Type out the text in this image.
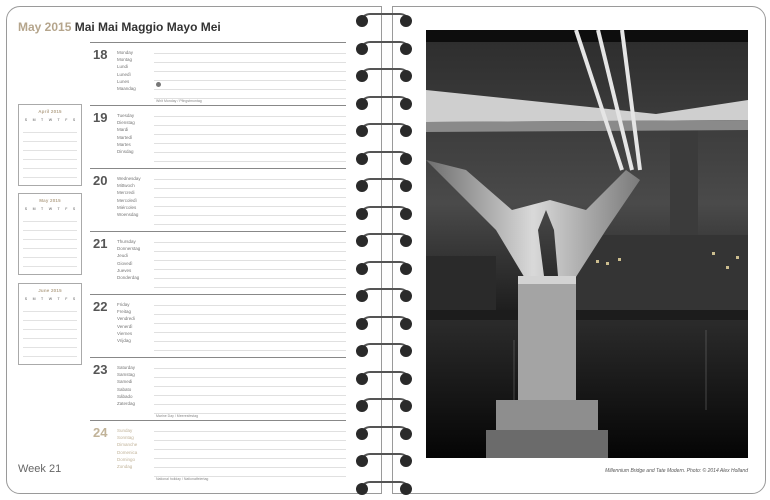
May 2015 Mai Mai Maggio Mayo Mei
April 2015
S M T W T F S
May 2015
S M T W T F S
June 2015
S M T W T F S
18 Monday
Montag
Lundi
Lunedì
Lunes
Maandag
Whit Monday / Pfingstmontag
19 Tuesday
Dienstag
Mardi
Martedì
Martes
Dinsdag
20 Wednesday
Mittwoch
Mercredi
Mercoledì
Miércoles
Woensdag
21 Thursday
Donnerstag
Jeudi
Giovedì
Jueves
Donderdag
22 Friday
Freitag
Vendredi
Venerdì
Viernes
Vrijdag
23 Saturday
Samstag
Samedi
Sabato
Sábado
Zaterdag
Marine Day / Meeresfestag
24 Sunday
Sonntag
Dimanche
Domenica
Domingo
Zondag
National holiday / Nationalfeiertag
Week 21	Millennium Bridge and Tate Modern. Photo: © 2014 Alex Holland
